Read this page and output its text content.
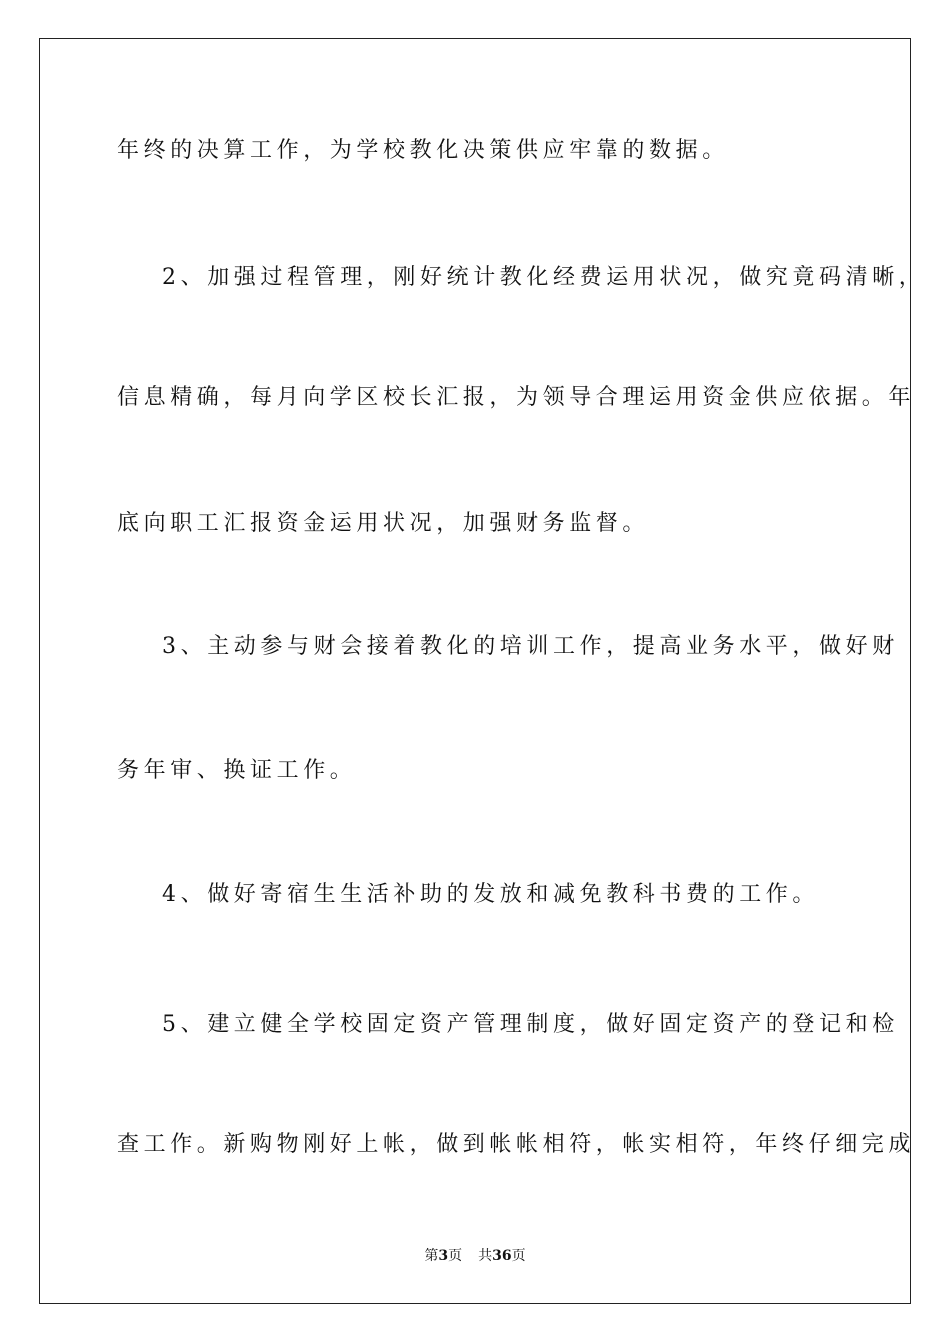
年终的决算工作，为学校教化决策供应牢靠的数据。
2、加强过程管理，刚好统计教化经费运用状况，做究竟码清晰，
信息精确，每月向学区校长汇报，为领导合理运用资金供应依据。年
底向职工汇报资金运用状况，加强财务监督。
3、主动参与财会接着教化的培训工作，提高业务水平，做好财
务年审、换证工作。
4、做好寄宿生生活补助的发放和减免教科书费的工作。
5、建立健全学校固定资产管理制度，做好固定资产的登记和检
查工作。新购物刚好上帐，做到帐帐相符，帐实相符，年终仔细完成
第3页 共36页
